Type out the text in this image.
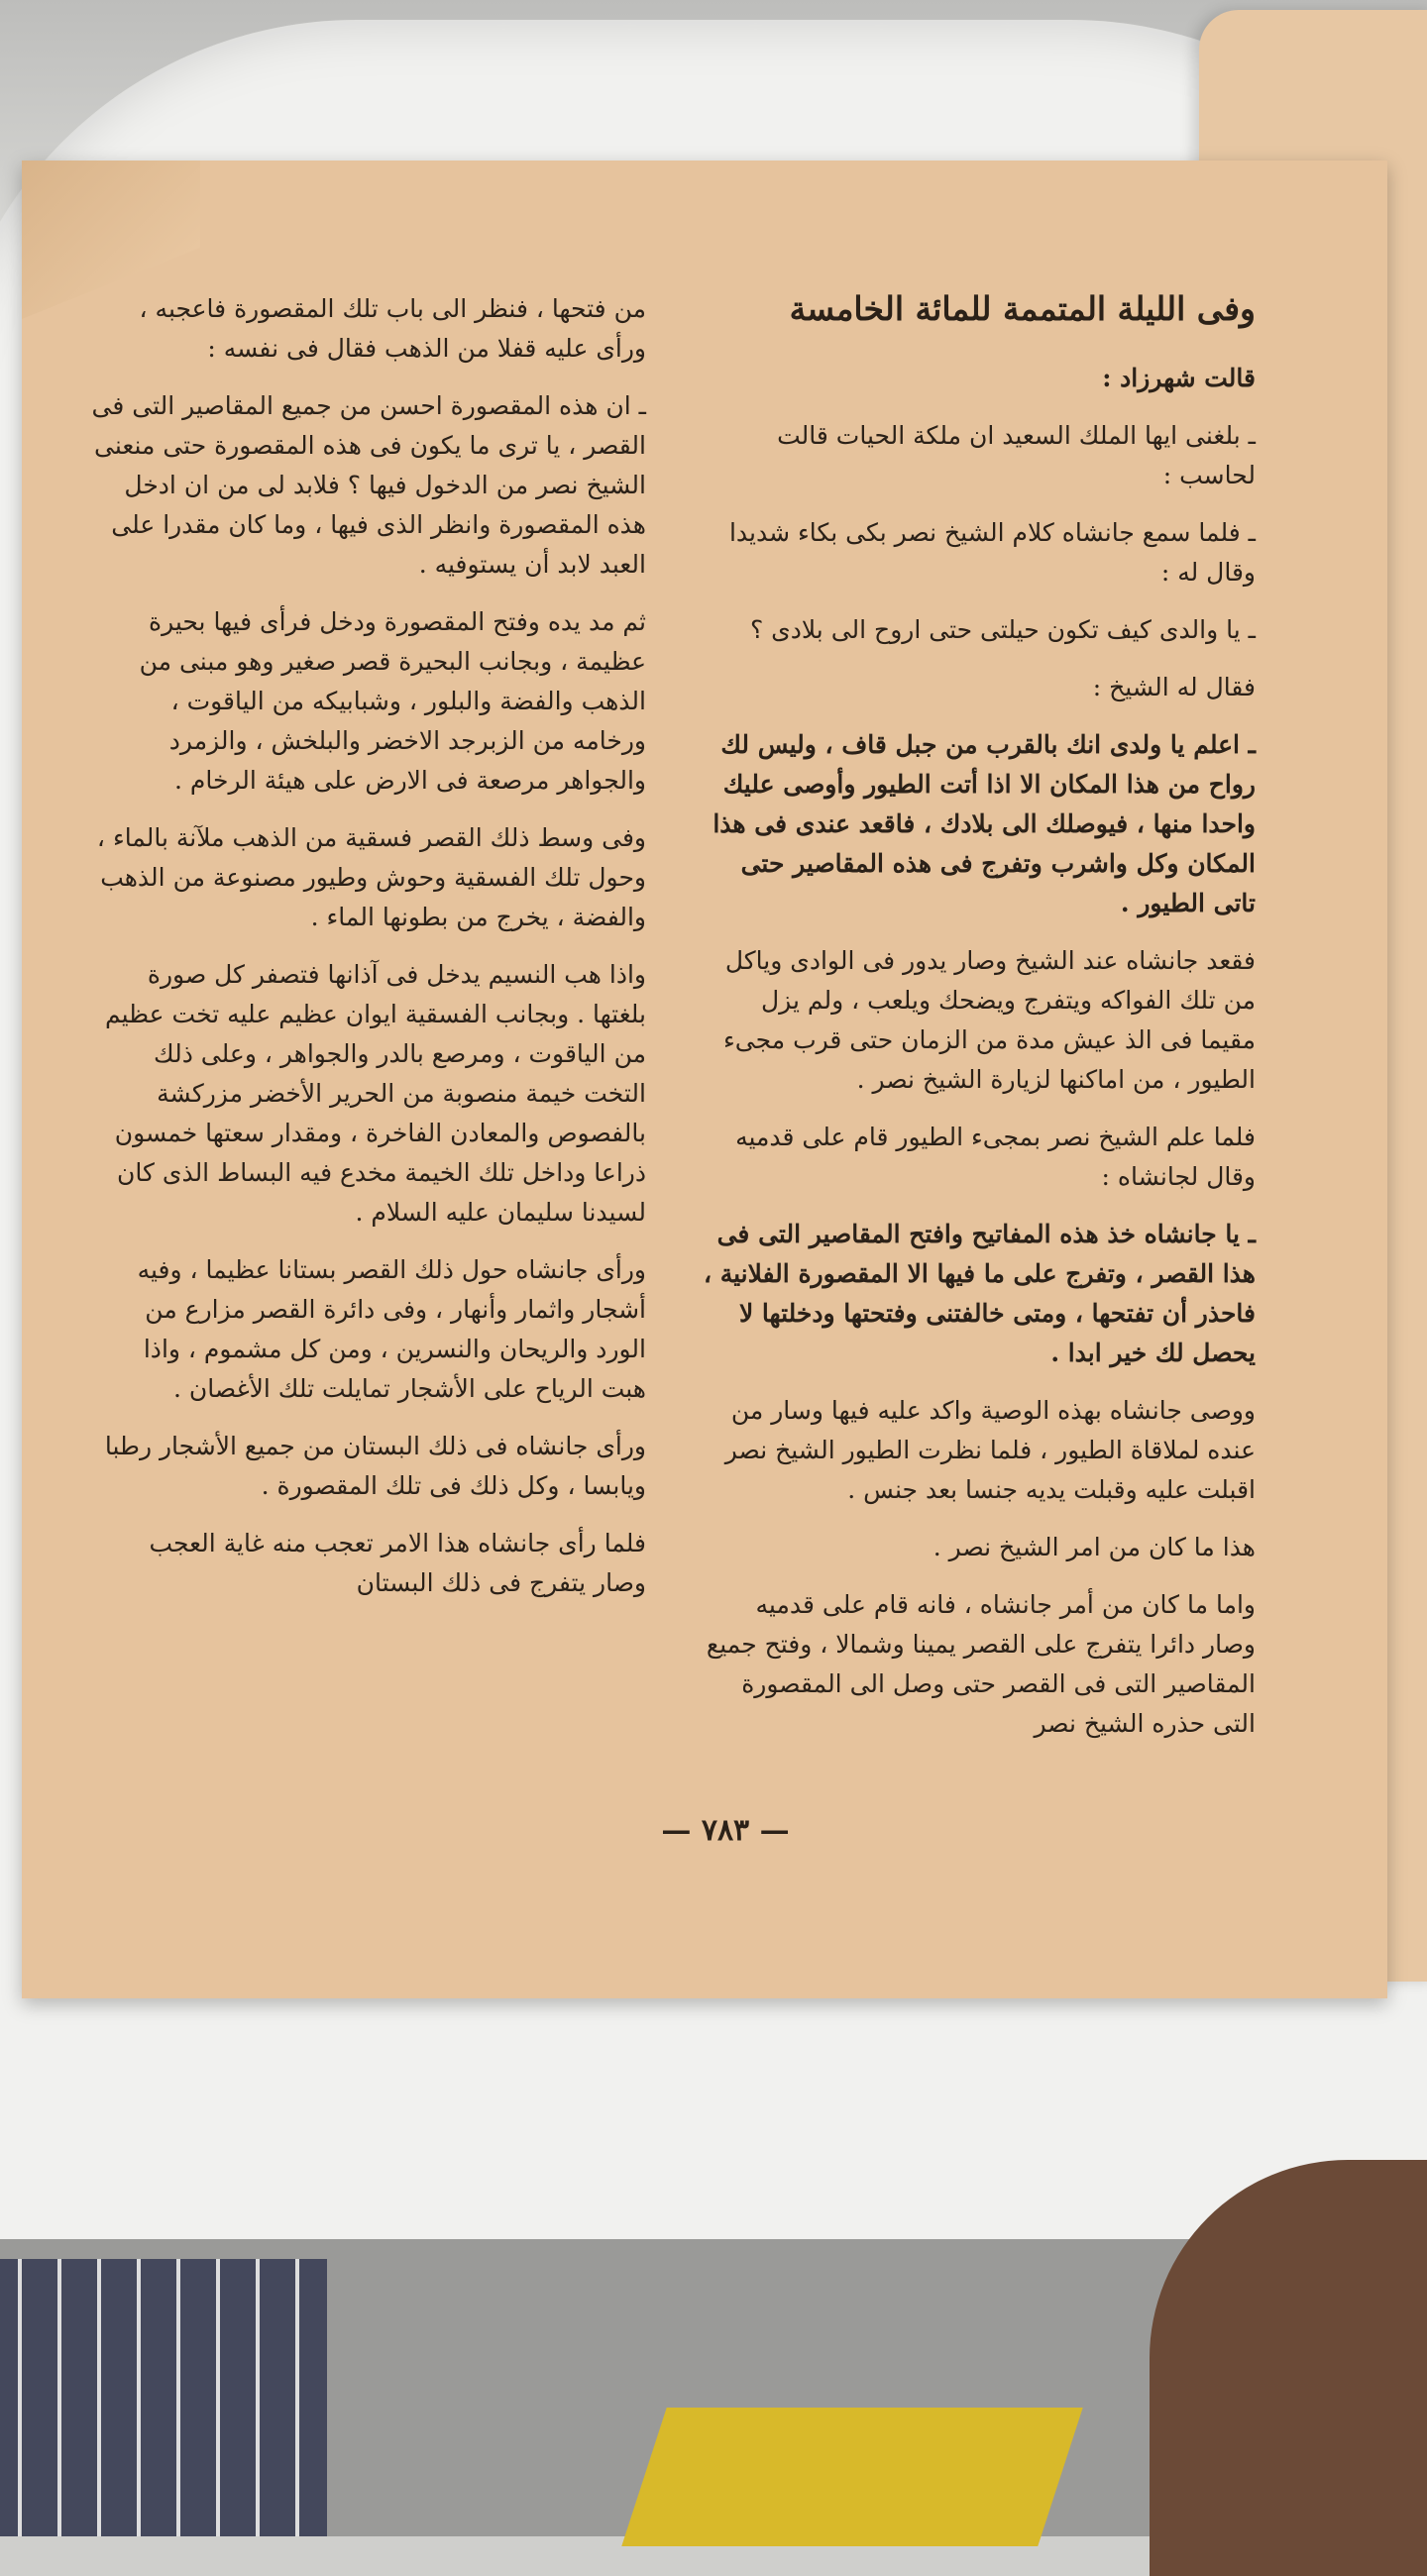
وفى الليلة المتممة للمائة الخامسة

قالت شهرزاد :

ـ بلغنى ايها الملك السعيد ان ملكة الحيات قالت لحاسب :

ـ فلما سمع جانشاه كلام الشيخ نصر بكى بكاء شديدا وقال له :

ـ يا والدى كيف تكون حيلتى حتى اروح الى بلادى ؟

فقال له الشيخ :

ـ اعلم يا ولدى انك بالقرب من جبل قاف ، وليس لك رواح من هذا المكان الا اذا أتت الطيور وأوصى عليك واحدا منها ، فيوصلك الى بلادك ، فاقعد عندى فى هذا المكان وكل واشرب وتفرج فى هذه المقاصير حتى تاتى الطيور .

فقعد جانشاه عند الشيخ وصار يدور فى الوادى وياكل من تلك الفواكه ويتفرج ويضحك ويلعب ، ولم يزل مقيما فى الذ عيش مدة من الزمان حتى قرب مجىء الطيور ، من اماكنها لزيارة الشيخ نصر .

فلما علم الشيخ نصر بمجىء الطيور قام على قدميه وقال لجانشاه :

ـ يا جانشاه خذ هذه المفاتيح وافتح المقاصير التى فى هذا القصر ، وتفرج على ما فيها الا المقصورة الفلانية ، فاحذر أن تفتحها ، ومتى خالفتنى وفتحتها ودخلتها لا يحصل لك خير ابدا .

ووصى جانشاه بهذه الوصية واكد عليه فيها وسار من عنده لملاقاة الطيور ، فلما نظرت الطيور الشيخ نصر اقبلت عليه وقبلت يديه جنسا بعد جنس .

هذا ما كان من امر الشيخ نصر .

واما ما كان من أمر جانشاه ، فانه قام على قدميه وصار دائرا يتفرج على القصر يمينا وشمالا ، وفتح جميع المقاصير التى فى القصر حتى وصل الى المقصورة التى حذره الشيخ نصر

من فتحها ، فنظر الى باب تلك المقصورة فاعجبه ، ورأى عليه قفلا من الذهب فقال فى نفسه :

ـ ان هذه المقصورة احسن من جميع المقاصير التى فى القصر ، يا ترى ما يكون فى هذه المقصورة حتى منعنى الشيخ نصر من الدخول فيها ؟ فلابد لى من ان ادخل هذه المقصورة وانظر الذى فيها ، وما كان مقدرا على العبد لابد أن يستوفيه .

ثم مد يده وفتح المقصورة ودخل فرأى فيها بحيرة عظيمة ، وبجانب البحيرة قصر صغير وهو مبنى من الذهب والفضة والبلور ، وشبابيكه من الياقوت ، ورخامه من الزبرجد الاخضر والبلخش ، والزمرد والجواهر مرصعة فى الارض على هيئة الرخام .

وفى وسط ذلك القصر فسقية من الذهب ملآنة بالماء ، وحول تلك الفسقية وحوش وطيور مصنوعة من الذهب والفضة ، يخرج من بطونها الماء .

واذا هب النسيم يدخل فى آذانها فتصفر كل صورة بلغتها . وبجانب الفسقية ايوان عظيم عليه تخت عظيم من الياقوت ، ومرصع بالدر والجواهر ، وعلى ذلك التخت خيمة منصوبة من الحرير الأخضر مزركشة بالفصوص والمعادن الفاخرة ، ومقدار سعتها خمسون ذراعا وداخل تلك الخيمة مخدع فيه البساط الذى كان لسيدنا سليمان عليه السلام .

ورأى جانشاه حول ذلك القصر بستانا عظيما ، وفيه أشجار واثمار وأنهار ، وفى دائرة القصر مزارع من الورد والريحان والنسرين ، ومن كل مشموم ، واذا هبت الرياح على الأشجار تمايلت تلك الأغصان .

ورأى جانشاه فى ذلك البستان من جميع الأشجار رطبا ويابسا ، وكل ذلك فى تلك المقصورة .

فلما رأى جانشاه هذا الامر تعجب منه غاية العجب وصار يتفرج فى ذلك البستان

— ٧٨٣ —
